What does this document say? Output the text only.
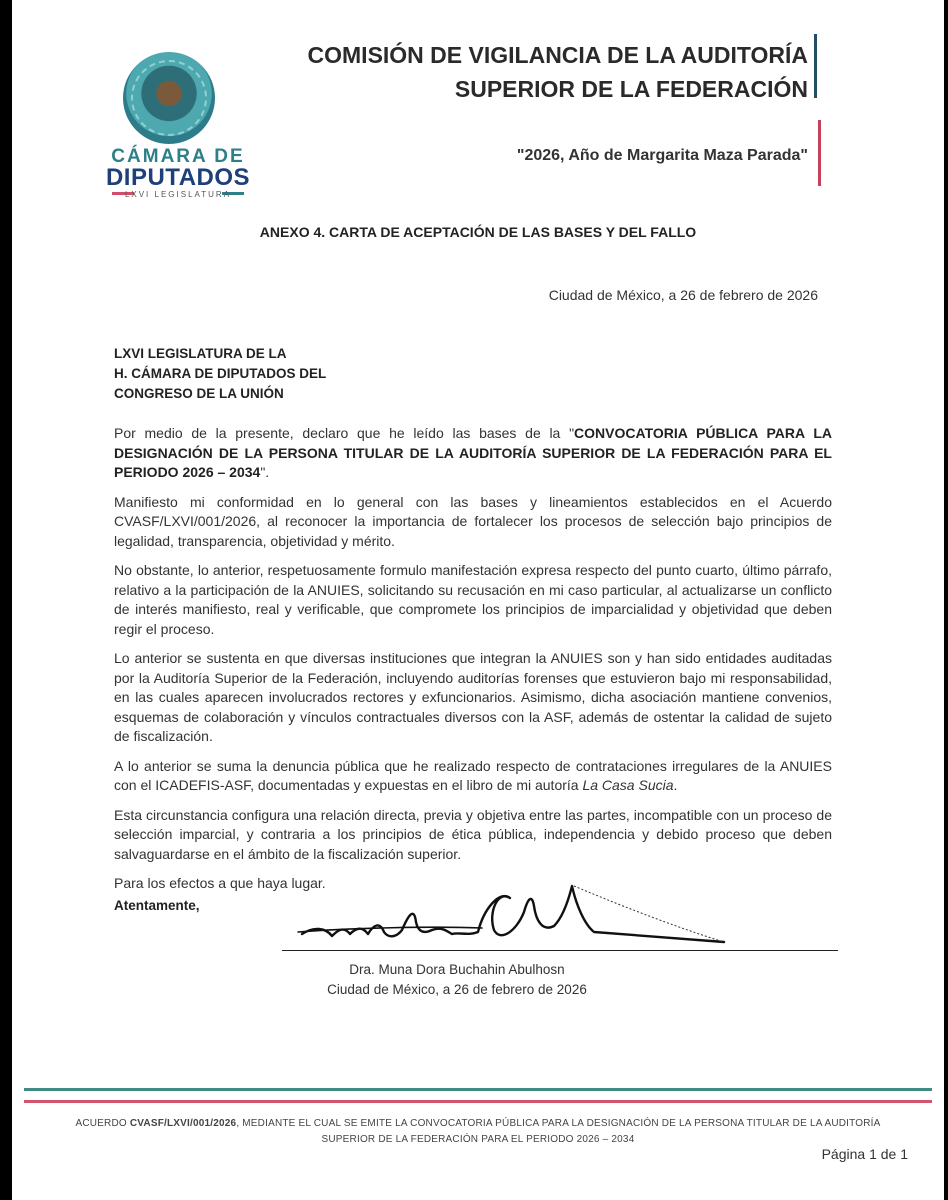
CÁMARA DE
DIPUTADOS
LXVI LEGISLATURA
COMISIÓN DE VIGILANCIA DE LA AUDITORÍA
SUPERIOR DE LA FEDERACIÓN
"2026, Año de Margarita Maza Parada"
ANEXO 4. CARTA DE ACEPTACIÓN DE LAS BASES Y DEL FALLO
Ciudad de México, a 26 de febrero de 2026
LXVI LEGISLATURA DE LA
H. CÁMARA DE DIPUTADOS DEL
CONGRESO DE LA UNIÓN

Por medio de la presente, declaro que he leído las bases de la "CONVOCATORIA PÚBLICA PARA LA DESIGNACIÓN DE LA PERSONA TITULAR DE LA AUDITORÍA SUPERIOR DE LA FEDERACIÓN PARA EL PERIODO 2026 – 2034".

Manifiesto mi conformidad en lo general con las bases y lineamientos establecidos en el Acuerdo CVASF/LXVI/001/2026, al reconocer la importancia de fortalecer los procesos de selección bajo principios de legalidad, transparencia, objetividad y mérito.

No obstante, lo anterior, respetuosamente formulo manifestación expresa respecto del punto cuarto, último párrafo, relativo a la participación de la ANUIES, solicitando su recusación en mi caso particular, al actualizarse un conflicto de interés manifiesto, real y verificable, que compromete los principios de imparcialidad y objetividad que deben regir el proceso.

Lo anterior se sustenta en que diversas instituciones que integran la ANUIES son y han sido entidades auditadas por la Auditoría Superior de la Federación, incluyendo auditorías forenses que estuvieron bajo mi responsabilidad, en las cuales aparecen involucrados rectores y exfuncionarios. Asimismo, dicha asociación mantiene convenios, esquemas de colaboración y vínculos contractuales diversos con la ASF, además de ostentar la calidad de sujeto de fiscalización.

A lo anterior se suma la denuncia pública que he realizado respecto de contrataciones irregulares de la ANUIES con el ICADEFIS-ASF, documentadas y expuestas en el libro de mi autoría La Casa Sucia.

Esta circunstancia configura una relación directa, previa y objetiva entre las partes, incompatible con un proceso de selección imparcial, y contraria a los principios de ética pública, independencia y debido proceso que deben salvaguardarse en el ámbito de la fiscalización superior.

Para los efectos a que haya lugar.

Atentamente,
Dra. Muna Dora Buchahin Abulhosn
Ciudad de México, a 26 de febrero de 2026
ACUERDO CVASF/LXVI/001/2026, MEDIANTE EL CUAL SE EMITE LA CONVOCATORIA PÚBLICA PARA LA DESIGNACIÓN DE LA PERSONA TITULAR DE LA AUDITORÍA SUPERIOR DE LA FEDERACIÓN PARA EL PERIODO 2026 – 2034
Página 1 de 1
